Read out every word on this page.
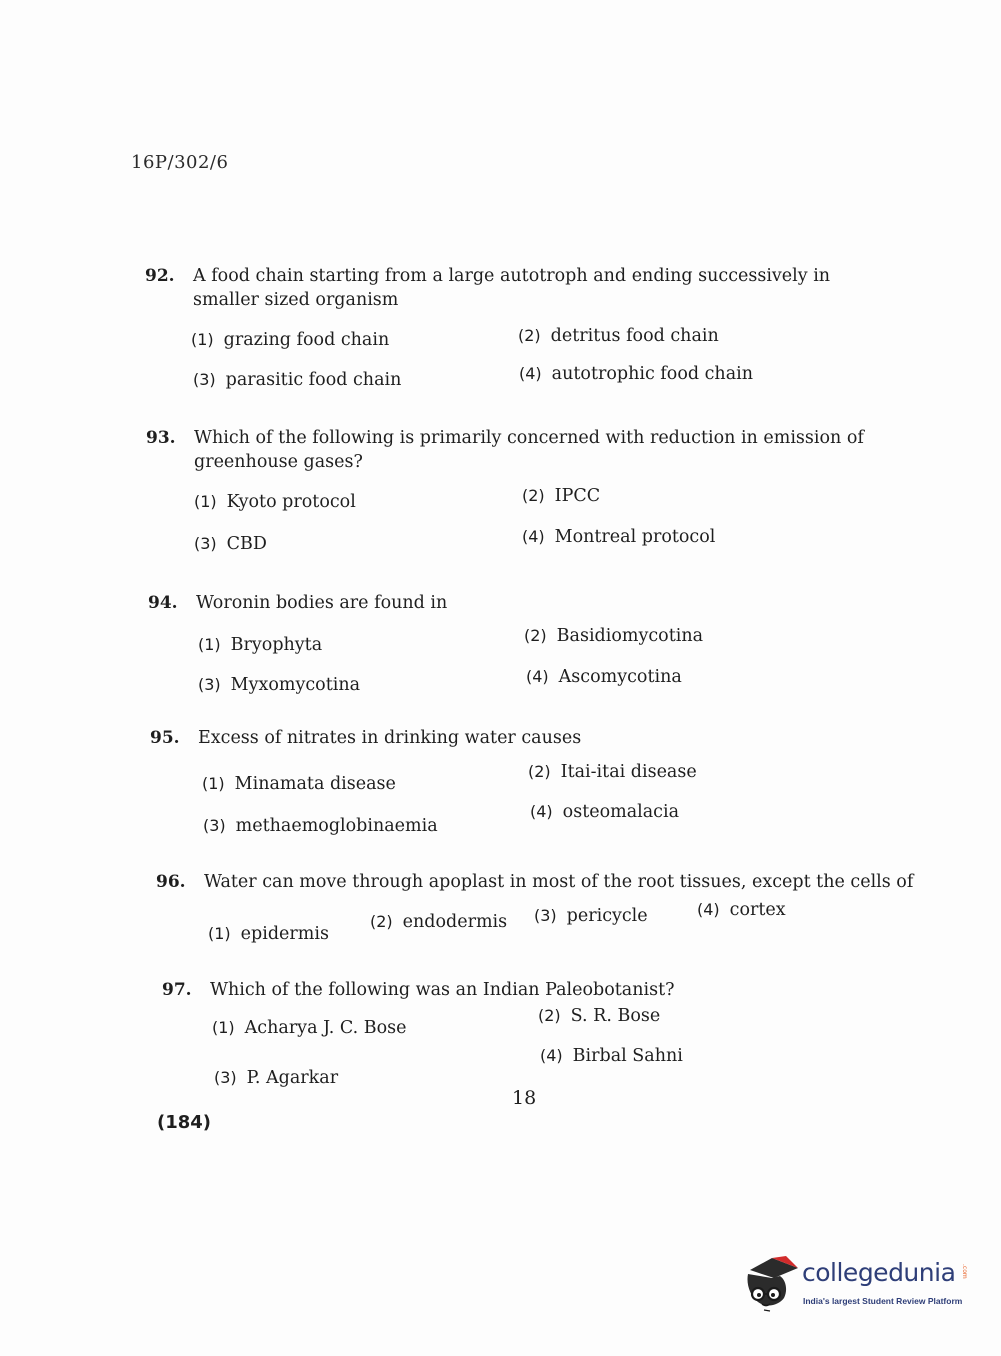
16P/302/6
92. A food chain starting from a large autotroph and ending successively in smaller sized organism
(1) grazing food chain	(2) detritus food chain
(3) parasitic food chain	(4) autotrophic food chain
93. Which of the following is primarily concerned with reduction in emission of greenhouse gases?
(1) Kyoto protocol	(2) IPCC
(3) CBD	(4) Montreal protocol
94. Woronin bodies are found in
(1) Bryophyta	(2) Basidiomycotina
(3) Myxomycotina	(4) Ascomycotina
95. Excess of nitrates in drinking water causes
(1) Minamata disease
(2) Itai-itai disease
(3) methaemoglobinaemia
(4) osteomalacia
96. Water can move through apoplast in most of the root tissues, except the cells of
(1) epidermis
(2) endodermis (3) pericycle	(4) cortex
97. Which of the following was an Indian Paleobotanist?
(1) Acharya J. C. Bose
(2) S. R. Bose
(3) P. Agarkar
(4) Birbal Sahni
18
(184)
collegedunia .com
India's largest Student Review Platform
